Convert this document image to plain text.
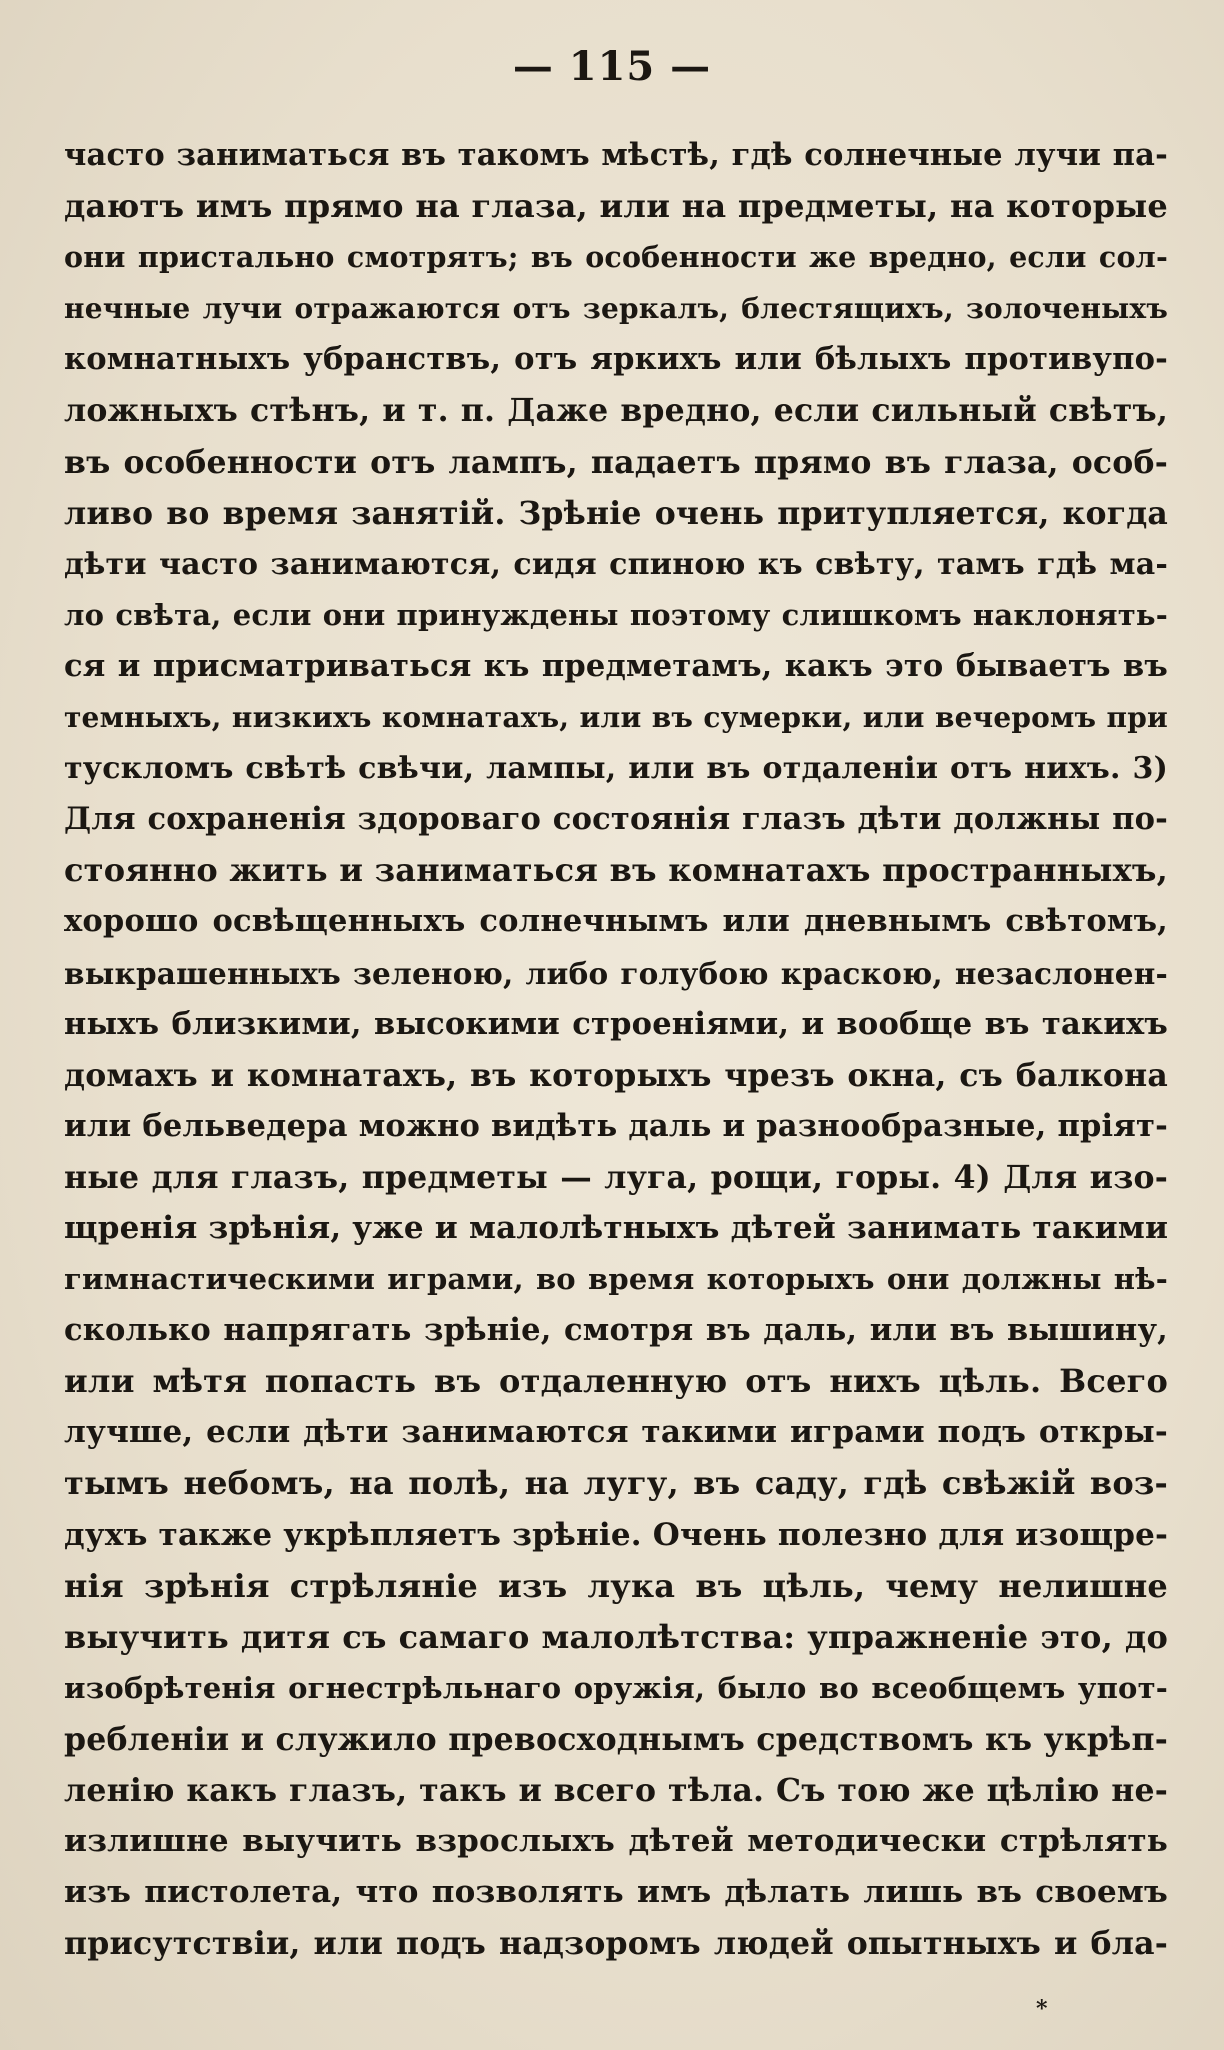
— 115 —
часто заниматься въ такомъ мѣстѣ, гдѣ солнечные лучи па-
даютъ имъ прямо на глаза, или на предметы, на которые
они пристально смотрятъ; въ особенности же вредно, если сол-
нечные лучи отражаются отъ зеркалъ, блестящихъ, золоченыхъ
комнатныхъ убранствъ, отъ яркихъ или бѣлыхъ противупо-
ложныхъ стѣнъ, и т. п. Даже вредно, если сильный свѣтъ,
въ особенности отъ лампъ, падаетъ прямо въ глаза, особ-
ливо во время занятій. Зрѣніе очень притупляется, когда
дѣти часто занимаются, сидя спиною къ свѣту, тамъ гдѣ ма-
ло свѣта, если они принуждены поэтому слишкомъ наклонять-
ся и присматриваться къ предметамъ, какъ это бываетъ въ
темныхъ, низкихъ комнатахъ, или въ сумерки, или вечеромъ при
тускломъ свѣтѣ свѣчи, лампы, или въ отдаленіи отъ нихъ. 3)
Для сохраненія здороваго состоянія глазъ дѣти должны по-
стоянно жить и заниматься въ комнатахъ пространныхъ,
хорошо освѣщенныхъ солнечнымъ или дневнымъ свѣтомъ,
выкрашенныхъ зеленою, либо голубою краскою, незаслонен-
ныхъ близкими, высокими строеніями, и вообще въ такихъ
домахъ и комнатахъ, въ которыхъ чрезъ окна, съ балкона
или бельведера можно видѣть даль и разнообразные, пріят-
ные для глазъ, предметы — луга, рощи, горы. 4) Для изо-
щренія зрѣнія, уже и малолѣтныхъ дѣтей занимать такими
гимнастическими играми, во время которыхъ они должны нѣ-
сколько напрягать зрѣніе, смотря въ даль, или въ вышину,
или мѣтя попасть въ отдаленную отъ нихъ цѣль. Всего
лучше, если дѣти занимаются такими играми подъ откры-
тымъ небомъ, на полѣ, на лугу, въ саду, гдѣ свѣжій воз-
духъ также укрѣпляетъ зрѣніе. Очень полезно для изощре-
нія зрѣнія стрѣляніе изъ лука въ цѣль, чему нелишне
выучить дитя съ самаго малолѣтства: упражненіе это, до
изобрѣтенія огнестрѣльнаго оружія, было во всеобщемъ упот-
ребленіи и служило превосходнымъ средствомъ къ укрѣп-
ленію какъ глазъ, такъ и всего тѣла. Съ тою же цѣлію не-
излишне выучить взрослыхъ дѣтей методически стрѣлять
изъ пистолета, что позволять имъ дѣлать лишь въ своемъ
присутствіи, или подъ надзоромъ людей опытныхъ и бла-
*
